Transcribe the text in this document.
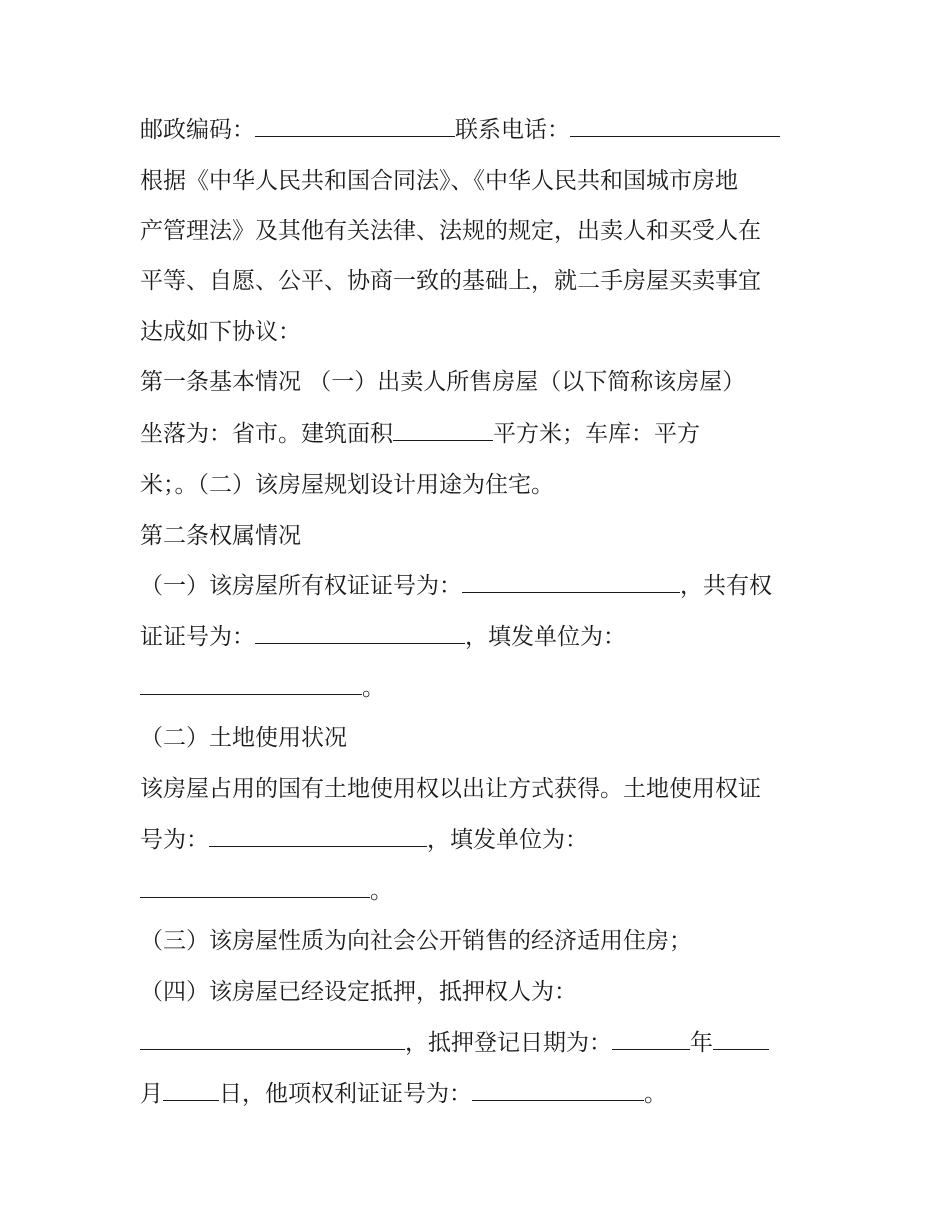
邮政编码：	联系电话：
根据《中华人民共和国合同法》、《中华人民共和国城市房地
产管理法》及其他有关法律、法规的规定，出卖人和买受人在
平等、自愿、公平、协商一致的基础上，就二手房屋买卖事宜
达成如下协议：
第一条基本情况 （一）出卖人所售房屋（以下简称该房屋）
坐落为：省市。建筑面积	平方米；车库：平方
米；。（二）该房屋规划设计用途为住宅。
第二条权属情况
（一）该房屋所有权证证号为：	，共有权
证证号为：	，填发单位为：
。
（二）土地使用状况
该房屋占用的国有土地使用权以出让方式获得。土地使用权证
号为：	，填发单位为：
。
（三）该房屋性质为向社会公开销售的经济适用住房；
（四）该房屋已经设定抵押，抵押权人为：
，抵押登记日期为：	年
月 日，他项权利证证号为：	。
